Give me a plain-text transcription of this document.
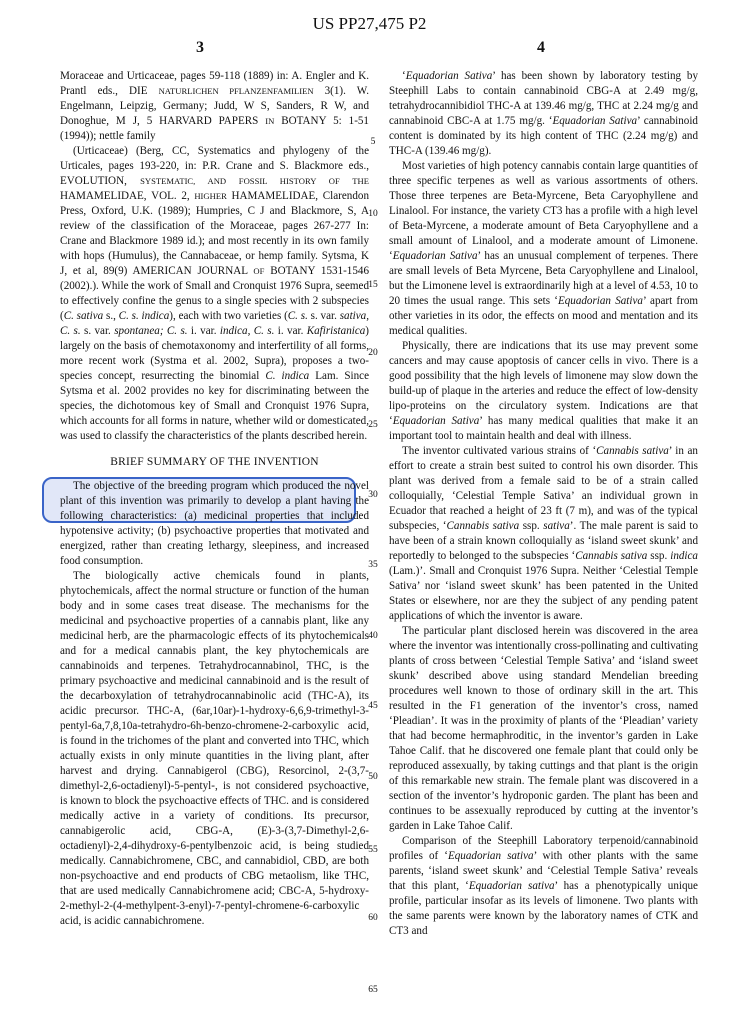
US PP27,475 P2
3	4
5
10
15
20
25
30
35
40
45
50
55
60
65

Moraceae and Urticaceae, pages 59-118 (1889) in: A. Engler and K. Prantl eds., DIE NATURLICHEN PFLANZENFAMILIEN 3(1). W. Engelmann, Leipzig, Germany; Judd, W S, Sanders, R W, and Donoghue, M J, 5 HARVARD PAPERS IN BOTANY 5: 1-51 (1994)); nettle family

(Urticaceae) (Berg, CC, Systematics and phylogeny of the Urticales, pages 193-220, in: P.R. Crane and S. Blackmore eds., EVOLUTION, SYSTEMATIC, AND FOSSIL HISTORY OF THE HAMAMELIDAE, VOL. 2, HIGHER HAMAMELIDAE, Clarendon Press, Oxford, U.K. (1989); Humpries, C J and Blackmore, S, A review of the classification of the Moraceae, pages 267-277 In: Crane and Blackmore 1989 id.); and most recently in its own family with hops (Humulus), the Cannabaceae, or hemp family. Sytsma, K J, et al, 89(9) AMERICAN JOURNAL OF BOTANY 1531-1546 (2002).). While the work of Small and Cronquist 1976 Supra, seemed to effectively confine the genus to a single species with 2 subspecies (C. sativa s., C. s. indica), each with two varieties (C. s. s. var. sativa, C. s. s. var. spontanea; C. s. i. var. indica, C. s. i. var. Kafiristanica) largely on the basis of chemotaxonomy and interfertility of all forms, more recent work (Systma et al. 2002, Supra), proposes a two-species concept, resurrecting the binomial C. indica Lam. Since Sytsma et al. 2002 provides no key for discriminating between the species, the dichotomous key of Small and Cronquist 1976 Supra, which accounts for all forms in nature, whether wild or domesticated, was used to classify the characteristics of the plants described herein.

BRIEF SUMMARY OF THE INVENTION

The objective of the breeding program which produced the novel plant of this invention was primarily to develop a plant having the following characteristics: (a) medicinal properties that included hypotensive activity; (b) psychoactive properties that motivated and energized, rather than creating lethargy, sleepiness, and increased food consumption.

The biologically active chemicals found in plants, phytochemicals, affect the normal structure or function of the human body and in some cases treat disease. The mechanisms for the medicinal and psychoactive properties of a cannabis plant, like any medicinal herb, are the pharmacologic effects of its phytochemicals and for a medical cannabis plant, the key phytochemicals are cannabinoids and terpenes. Tetrahydrocannabinol, THC, is the primary psychoactive and medicinal cannabinoid and is the result of the decarboxylation of tetrahydrocannabinolic acid (THC-A), its acidic precursor. THC-A, (6ar,10ar)-1-hydroxy-6,6,9-trimethyl-3-pentyl-6a,7,8,10a-tetrahydro-6h-benzo-chromene-2-carboxylic acid, is found in the trichomes of the plant and converted into THC, which actually exists in only minute quantities in the living plant, after harvest and drying. Cannabigerol (CBG), Resorcinol, 2-(3,7-dimethyl-2,6-octadienyl)-5-pentyl-, is not considered psychoactive, is known to block the psychoactive effects of THC. and is considered medically active in a variety of conditions. Its precursor, cannabigerolic acid, CBG-A, (E)-3-(3,7-Dimethyl-2,6-octadienyl)-2,4-dihydroxy-6-pentylbenzoic acid, is being studied medically. Cannabichromene, CBC, and cannabidiol, CBD, are both non-psychoactive and end products of CBG metaolism, like THC, that are used medically Cannabichromene acid; CBC-A, 5-hydroxy-2-methyl-2-(4-methylpent-3-enyl)-7-pentyl-chromene-6-carboxylic acid, is acidic cannabichromene.

‘Equadorian Sativa’ has been shown by laboratory testing by Steephill Labs to contain cannabinoid CBG-A at 2.49 mg/g, tetrahydrocannibidiol THC-A at 139.46 mg/g, THC at 2.24 mg/g and cannabinoid CBC-A at 1.75 mg/g. ‘Equadorian Sativa’ cannabinoid content is dominated by its high content of THC (2.24 mg/g) and THC-A (139.46 mg/g).

Most varieties of high potency cannabis contain large quantities of three specific terpenes as well as various assortments of others. Those three terpenes are Beta-Myrcene, Beta Caryophyllene and Linalool. For instance, the variety CT3 has a profile with a high level of Beta-Myrcene, a moderate amount of Beta Caryophyllene and a small amount of Linalool, and a moderate amount of Limonene. ‘Equadorian Sativa’ has an unusual complement of terpenes. There are small levels of Beta Myrcene, Beta Caryophyllene and Linalool, but the Limonene level is extraordinarily high at a level of 4.53, 10 to 20 times the usual range. This sets ‘Equadorian Sativa’ apart from other varieties in its odor, the effects on mood and mentation and its medical qualities.

Physically, there are indications that its use may prevent some cancers and may cause apoptosis of cancer cells in vivo. There is a good possibility that the high levels of limonene may slow down the build-up of plaque in the arteries and reduce the effect of low-density lipo-proteins on the circulatory system. Indications are that ‘Equadorian Sativa’ has many medical qualities that make it an important tool to maintain health and deal with illness.

The inventor cultivated various strains of ‘Cannabis sativa’ in an effort to create a strain best suited to control his own disorder. This plant was derived from a female said to be of a strain called colloquially, ‘Celestial Temple Sativa’ an individual grown in Ecuador that reached a height of 23 ft (7 m), and was of the typical subspecies, ‘Cannabis sativa ssp. sativa’. The male parent is said to have been of a strain known colloquially as ‘island sweet skunk’ and reportedly to belonged to the subspecies ‘Cannabis sativa ssp. indica (Lam.)’. Small and Cronquist 1976 Supra. Neither ‘Celestial Temple Sativa’ nor ‘island sweet skunk’ has been patented in the United States or elsewhere, nor are they the subject of any pending patent applications of which the inventor is aware.

The particular plant disclosed herein was discovered in the area where the inventor was intentionally cross-pollinating and cultivating plants of cross between ‘Celestial Temple Sativa’ and ‘island sweet skunk’ described above using standard Mendelian breeding procedures well known to those of ordinary skill in the art. This resulted in the F1 generation of the inventor’s cross, named ‘Pleadian’. It was in the proximity of plants of the ‘Pleadian’ variety that had become hermaphroditic, in the inventor’s garden in Lake Tahoe Calif. that he discovered one female plant that could only be reproduced assexually, by taking cuttings and that plant is the origin of this remarkable new strain. The female plant was discovered in a section of the inventor’s hydroponic garden. The plant has been and continues to be assexually reproduced by cutting at the inventor’s garden in Lake Tahoe Calif.

Comparison of the Steephill Laboratory terpenoid/cannabinoid profiles of ‘Equadorian sativa’ with other plants with the same parents, ‘island sweet skunk’ and ‘Celestial Temple Sativa’ reveals that this plant, ‘Equadorian sativa’ has a phenotypically unique profile, particular insofar as its levels of limonene. Two plants with the same parents were known by the laboratory names of CTK and CT3 and
